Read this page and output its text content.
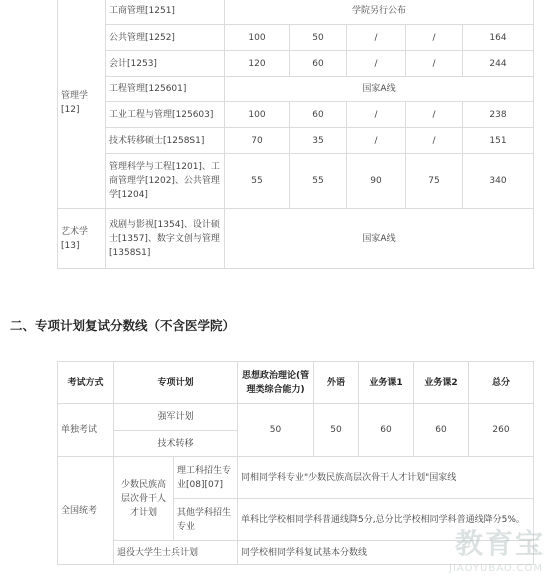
管理学[12]	工商管理[1251]	学院另行公布				
	公共管理[1252]	100	50	/	/	164
	会计[1253]	120	60	/	/	244
	工程管理[125601]	国家A线				
	工业工程与管理[125603]	100	60	/	/	238
	技术转移硕士[1258S1]	70	35	/	/	151
	管理科学与工程[1201]、工商管理学[1202]、公共管理学[1204]	55	55	90	75	340
艺术学[13]	戏剧与影视[1354]、设计硕士[1357]、数字文创与管理[1358S1]	国家A线				
二、专项计划复试分数线（不含医学院）
考试方式	专项计划		思想政治理论(管理类综合能力)	外语	业务课1	业务课2	总分
单独考试	强军计划		50	50	60	60	260
	技术转移						
全国统考	少数民族高层次骨干人才计划	理工科招生专业[08][07]	同相同学科专业"少数民族高层次骨干人才计划"国家线				
		其他学科招生专业	单科比学校相同学科普通线降5分,总分比学校相同学科普通线降分5%。				
	退役大学生士兵计划		同学校相同学科复试基本分数线					教育宝
JIAOYUBAO.COM
